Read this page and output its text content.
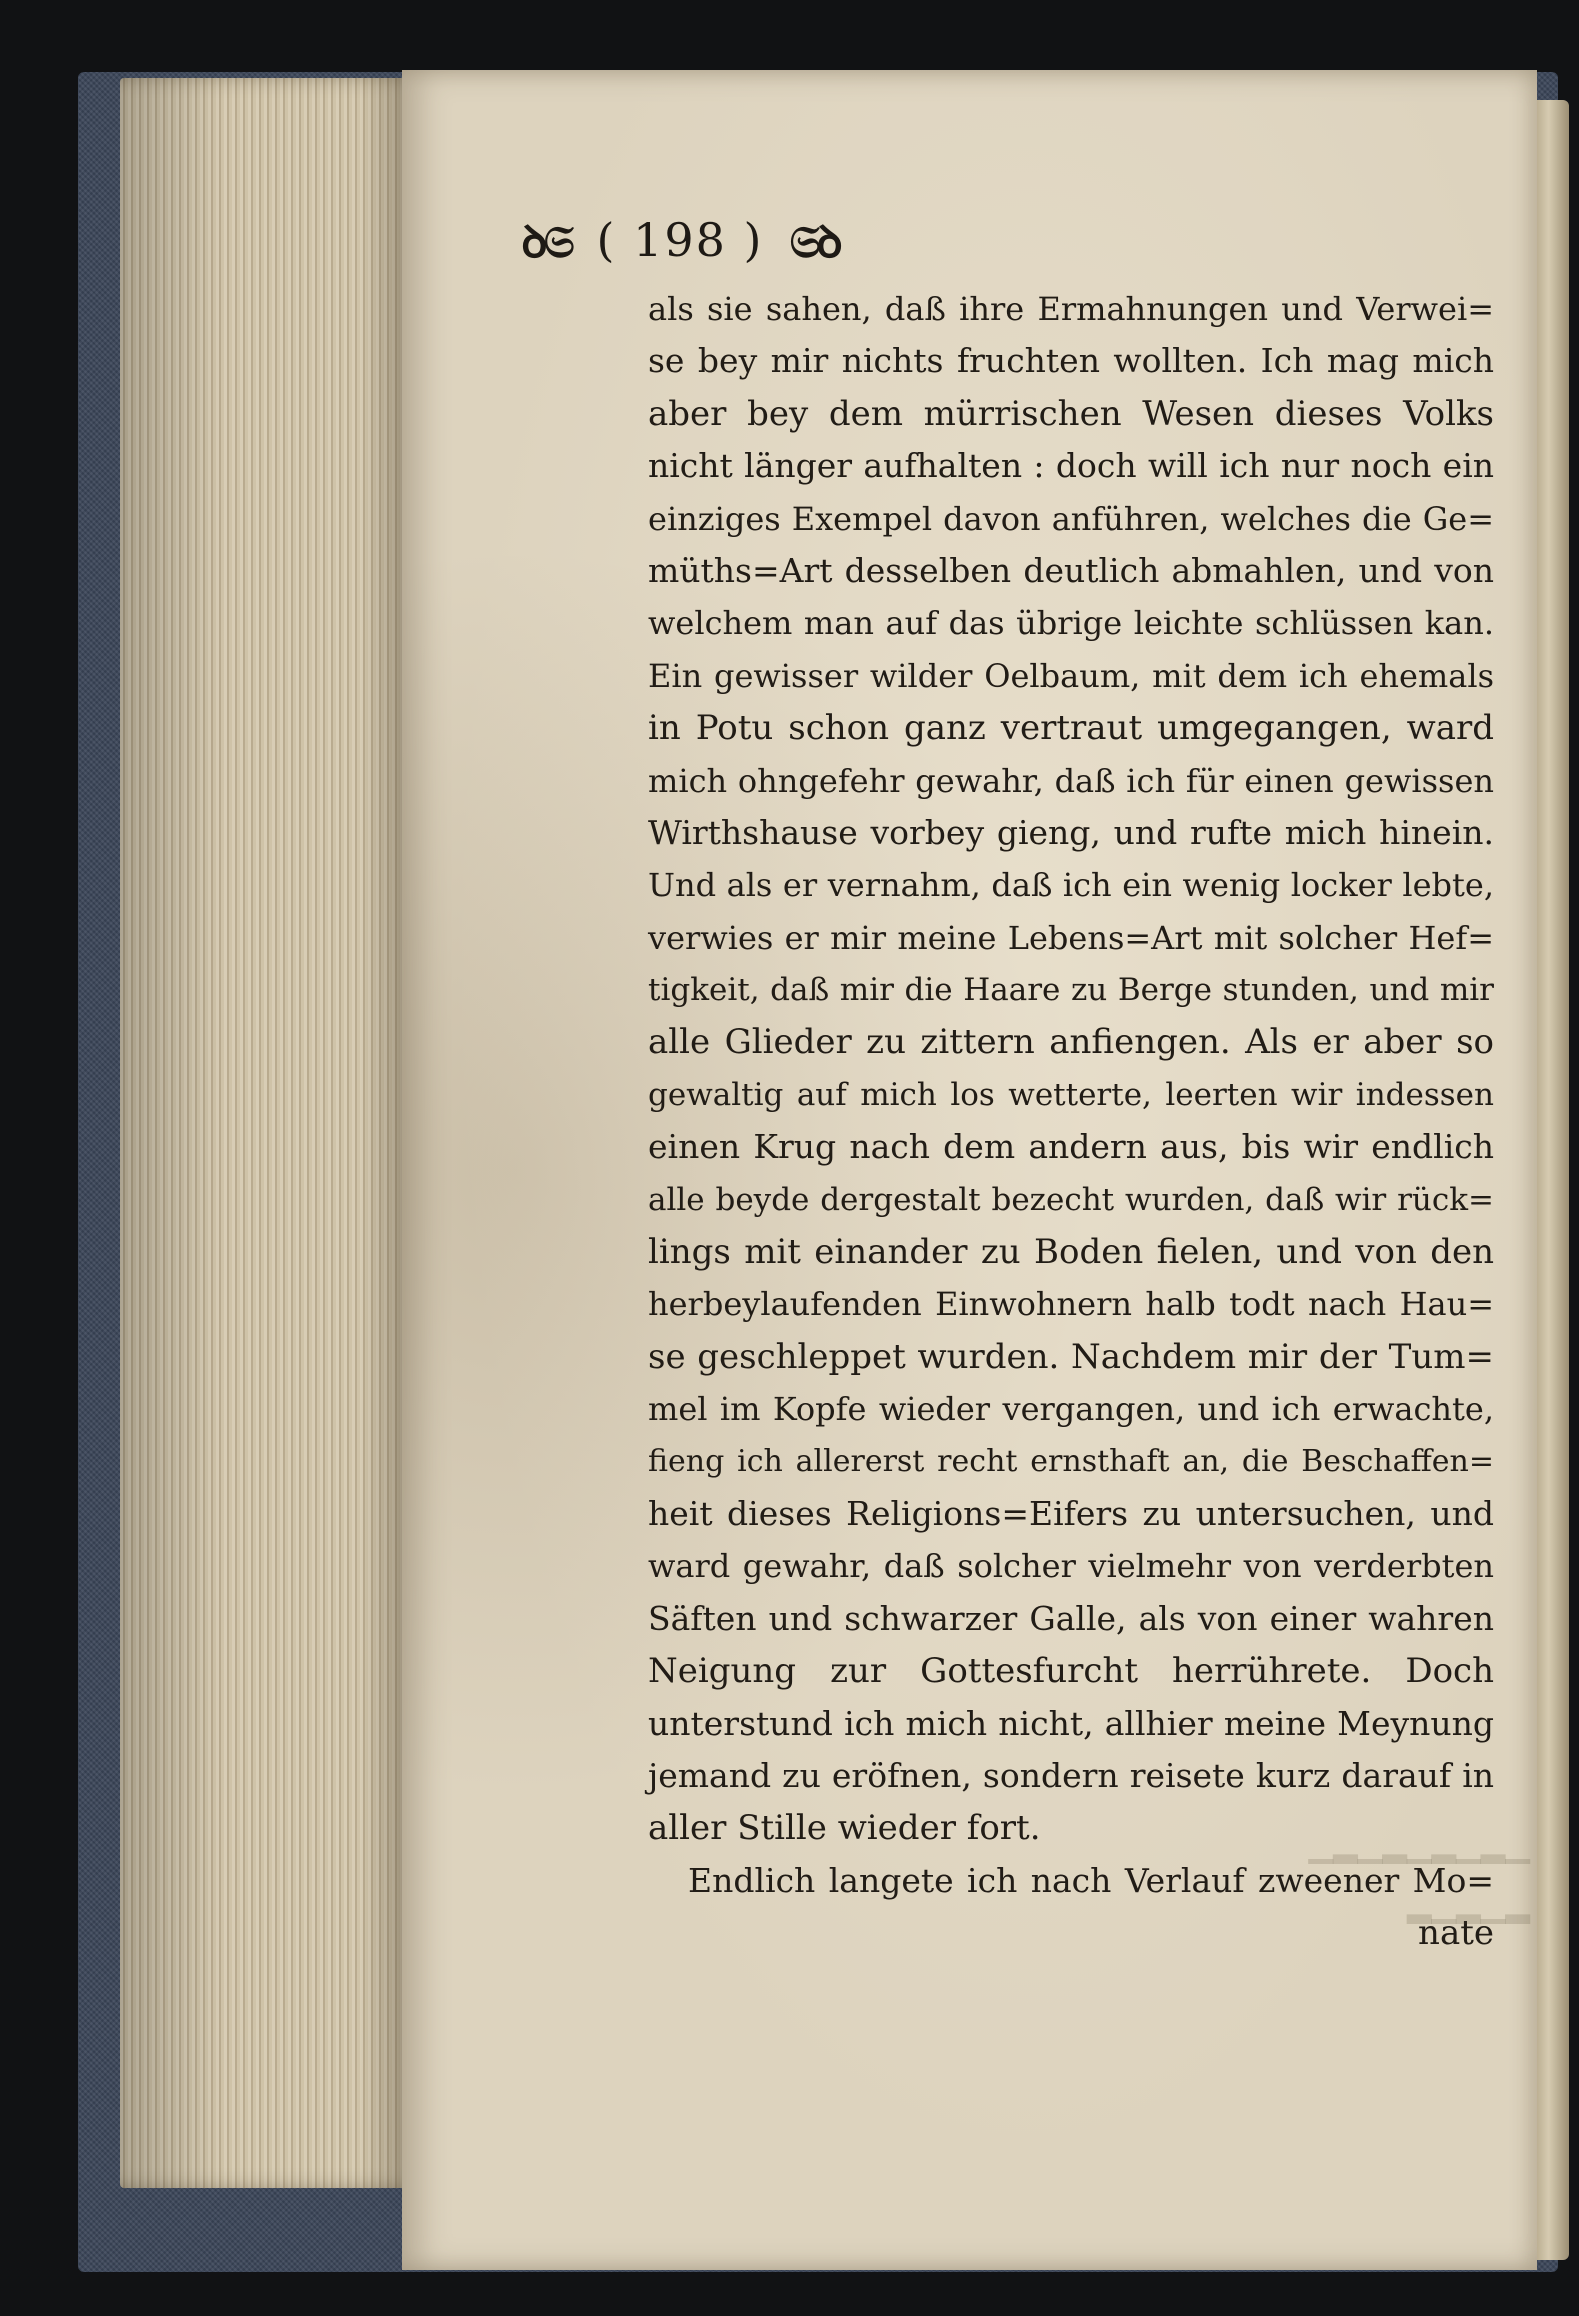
ꝺ𝔖 ( 198 ) 𝔖ꝺ
als sie sahen, daß ihre Ermahnungen und Verwei=
se bey mir nichts fruchten wollten. Ich mag mich
aber bey dem mürrischen Wesen dieses Volks
nicht länger aufhalten : doch will ich nur noch ein
einziges Exempel davon anführen, welches die Ge=
müths=Art desselben deutlich abmahlen, und von
welchem man auf das übrige leichte schlüssen kan.
Ein gewisser wilder Oelbaum, mit dem ich ehemals
in Potu schon ganz vertraut umgegangen, ward
mich ohngefehr gewahr, daß ich für einen gewissen
Wirthshause vorbey gieng, und rufte mich hinein.
Und als er vernahm, daß ich ein wenig locker lebte,
verwies er mir meine Lebens=Art mit solcher Hef=
tigkeit, daß mir die Haare zu Berge stunden, und mir
alle Glieder zu zittern anfiengen. Als er aber so
gewaltig auf mich los wetterte, leerten wir indessen
einen Krug nach dem andern aus, bis wir endlich
alle beyde dergestalt bezecht wurden, daß wir rück=
lings mit einander zu Boden fielen, und von den
herbeylaufenden Einwohnern halb todt nach Hau=
se geschleppet wurden. Nachdem mir der Tum=
mel im Kopfe wieder vergangen, und ich erwachte,
fieng ich allererst recht ernsthaft an, die Beschaffen=
heit dieses Religions=Eifers zu untersuchen, und
ward gewahr, daß solcher vielmehr von verderbten
Säften und schwarzer Galle, als von einer wahren
Neigung zur Gottesfurcht herrührete. Doch
unterstund ich mich nicht, allhier meine Meynung
jemand zu eröfnen, sondern reisete kurz darauf in
aller Stille wieder fort.
Endlich langete ich nach Verlauf zweener Mo=
nate
